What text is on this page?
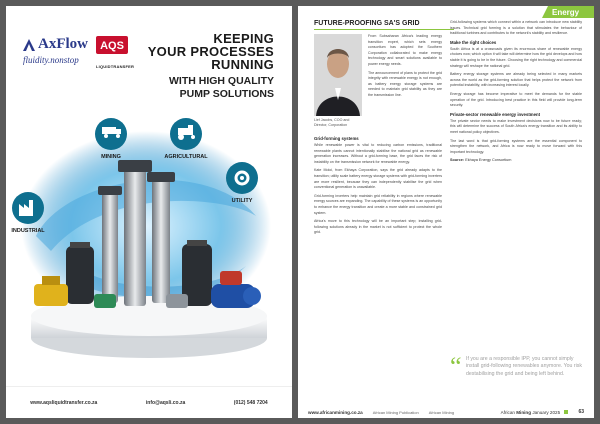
AxFlow
fluidity.nonstop
AQS
LIQUIDTRANSFER
KEEPING
YOUR PROCESSES
RUNNING
WITH HIGH QUALITY
PUMP SOLUTIONS
MINING	AGRICULTURAL
INDUSTRIAL
UTILITY
www.aqsliquidtransfer.co.za	info@aqsli.co.za	(012) 548 7204
Energy
FUTURE-PROOFING SA'S GRID
Lief Jacobs, COO and Director, Corporation

From Subsaharan Africa's leading energy transition expert, which sets energy consortium has adopted the Southern Corporation collaborated to make energy technology and smart solutions available to power energy needs.

The announcement of plans to protect the grid integrity with renewable energy is not enough, as battery energy storage systems are needed to maintain grid stability as they are the transmission line.

Grid-forming systems

While renewable power is vital to reducing carbon emissions, traditional renewable plants cannot intentionally stabilise the national grid as renewable generation increases. Without a grid-forming base, the grid faces the risk of instability on the transmission network for renewable energy.

Kate Moloi, from Ekhaya Corporation, says the grid already adapts to the transition; utility scale battery energy storage systems with grid-forming inverters are more resilient, because they can independently stabilise the grid when conventional generation is unavailable.

Grid-forming inverters help maintain grid reliability in regions where renewable energy sources are expanding. The capability of these systems is an opportunity to enhance the energy transition and create a more stable and constrained grid system.

Africa's move to this technology will be an important step; installing grid-following solutions already in the market is not sufficient to protect the whole grid.

Grid-following systems which connect within a network can introduce new stability issues. Technical grid forming is a solution that stimulates the behaviour of traditional turbines and contributes to the network's stability and resilience.

Make the right choices

South Africa is at a crossroads given its enormous share of renewable energy choices now; which option it will take will determine how the grid develops and how stable it is going to be in the future. Choosing the right technology and commercial strategy will reshape the national grid.

Battery energy storage systems are already being selected in many markets across the world as the grid-forming solution that helps protect the network from potential instability, with increasing interest locally.

Energy storage has become imperative to meet the demands for the stable operation of the grid. Introducing best practice in this field will provide long-term security.

Private-sector renewable energy investment

The private sector needs to make investment decisions now to be future ready; this will determine the success of South Africa's energy transition and its ability to meet national policy objectives.

The last word is that grid-forming systems are the essential component to strengthen the network, and Africa is now ready to move forward with this important technology.

Source: Ekhaya Energy Consortium
“ If you are a responsible IPP, you cannot simply install grid-following renewables anymore. You risk destabilising the grid and being left behind.
www.africanmining.co.za	African Mining Publication	African Mining	African Mining January 2025	63
